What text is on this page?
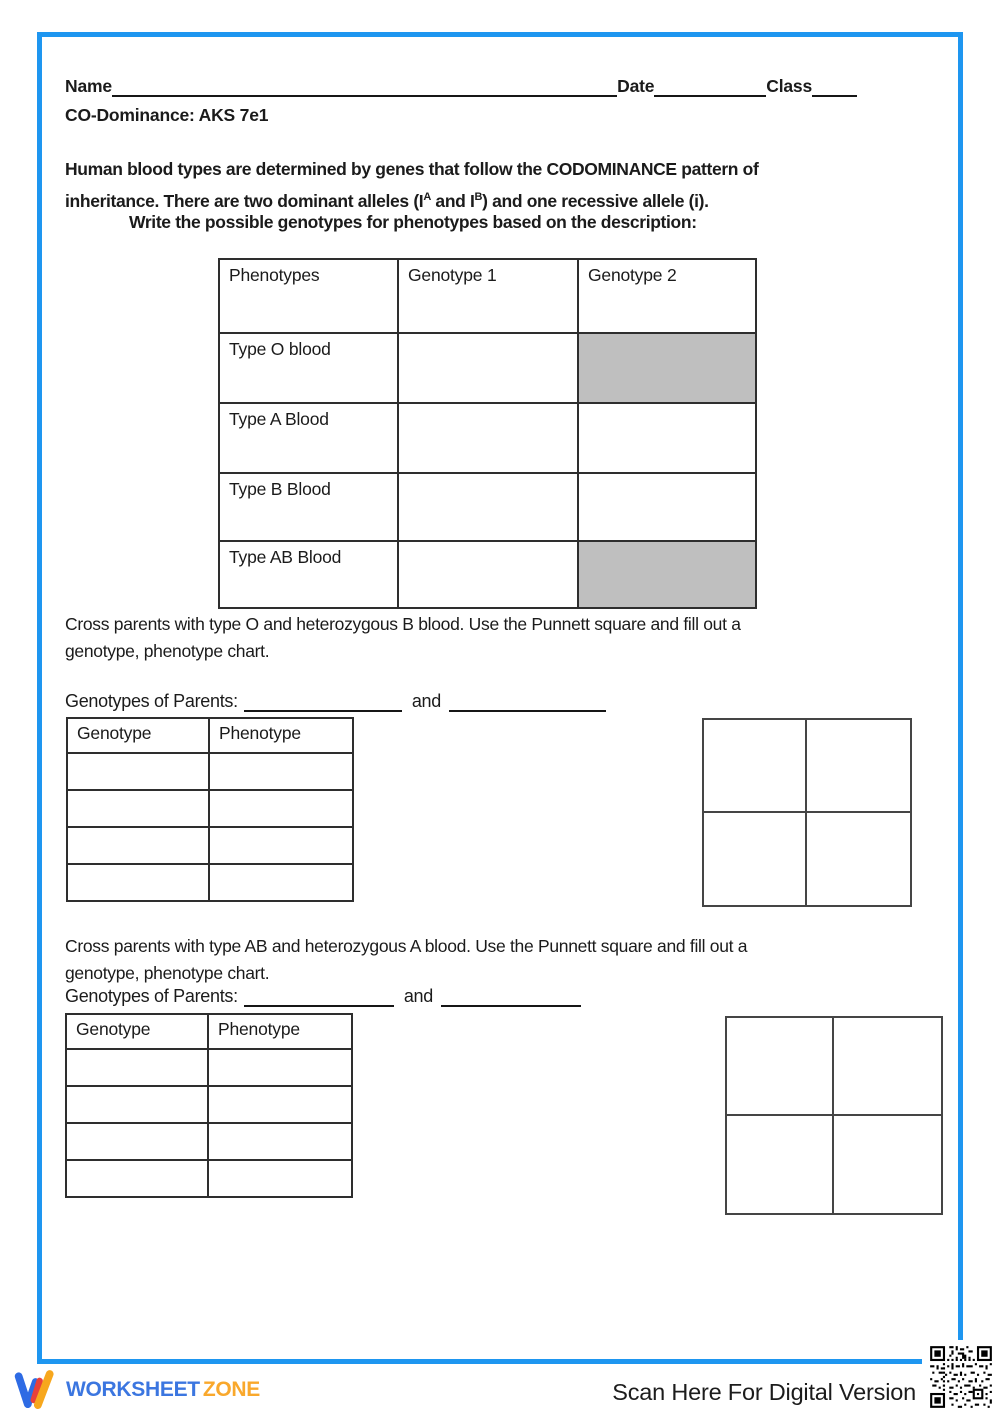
Name	Date	Class
CO-Dominance: AKS 7e1
Human blood types are determined by genes that follow the CODOMINANCE pattern of
inheritance. There are two dominant alleles ($I^A$ and $I^B$) and one recessive allele (i).
Write the possible genotypes for phenotypes based on the description:
Phenotypes	Genotype 1	Genotype 2
Type O blood		
Type A Blood		
Type B Blood		
Type AB Blood		
Cross parents with type O and heterozygous B blood. Use the Punnett square and fill out a
genotype, phenotype chart.
Genotypes of Parents:	and
Genotype	Phenotype

Cross parents with type AB and heterozygous A blood. Use the Punnett square and fill out a
genotype, phenotype chart.
Genotypes of Parents:	and
Genotype	Phenotype

WORKSHEET ZONE	Scan Here For Digital Version
